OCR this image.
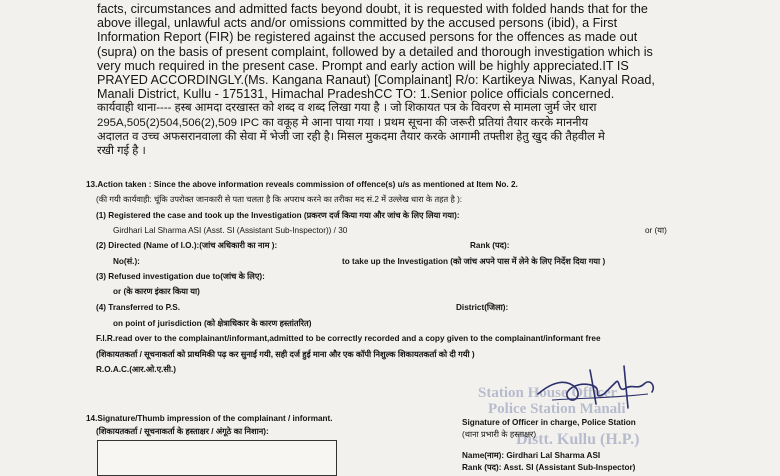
facts, circumstances and admitted facts beyond doubt, it is requested with folded hands that for the
above illegal, unlawful acts and/or omissions committed by the accused persons (ibid), a First
Information Report (FIR) be registered against the accused persons for the offences as made out
(supra) on the basis of present complaint, followed by a detailed and thorough investigation which is
very much required in the present case. Prompt and early action will be highly appreciated.IT IS
PRAYED ACCORDINGLY.(Ms. Kangana Ranaut) [Complainant] R/o: Kartikeya Niwas, Kanyal Road,
Manali District, Kullu - 175131, Himachal PradeshCC TO: 1.Senior police officials concerned.
कार्यवाही थाना---- हस्ब आमदा दरखास्त को शब्द व शब्द लिखा गया है । जो शिकायत पत्र के विवरण से मामला जुर्म जेर धारा
295A,505(2)504,506(2),509 IPC का वकूह मे आना पाया गया । प्रथम सूचना की जरूरी प्रतियां तैयार करके माननीय
अदालत व उच्च अफसरानवाला की सेवा में भेजी जा रही है। मिसल मुकदमा तैयार करके आगामी तफ्तीश हेतु खुद की तैहवील मे
रखी गई है ।

13.Action taken : Since the above information reveals commission of offence(s) u/s as mentioned at Item No. 2.
(की गयी कार्यवाही: चूंकि उपरोक्त जानकारी से पता चलता है कि अपराध करने का तरीका मद सं.2 में उल्लेख धारा के तहत है ):
(1) Registered the case and took up the Investigation (प्रकरण दर्ज किया गया और जांच के लिए लिया गया):
Girdhari Lal Sharma ASI (Asst. SI (Assistant Sub-Inspector)) / 30	or (या)
(2) Directed (Name of I.O.):(जांच अधिकारी का नाम ):	Rank (पद):
No(सं.):	to take up the Investigation (को जांच अपने पास में लेने के लिए निर्देश दिया गया )
(3) Refused investigation due to(जांच के लिए):
or (के कारण इंकार किया या)
(4) Transferred to P.S.	District(जिला):
on point of jurisdiction (को क्षेत्राधिकार के कारण हस्तांतरित)
F.I.R.read over to the complainant/informant,admitted to be correctly recorded and a copy given to the complainant/informant free
(शिकायतकर्ता / सूचनाकर्ता को प्राथमिकी पढ़ कर सुनाई गयी, सही दर्ज हुई माना और एक कॉपी निशुल्क शिकायतकर्ता को दी गयी )
R.O.A.C.(आर.ओ.ए.सी.)
Station House Officer
Police Station Manali
Distt. Kullu (H.P.)
14.Signature/Thumb impression of the complainant / informant.
(शिकायतकर्ता / सूचनाकर्ता के हस्ताक्षर / अंगूठे का निशान):
Signature of Officer in charge, Police Station
(थाना प्रभारी के हस्ताक्षर)
Name(नाम): Girdhari Lal Sharma ASI
Rank (पद): Asst. SI (Assistant Sub-Inspector)
